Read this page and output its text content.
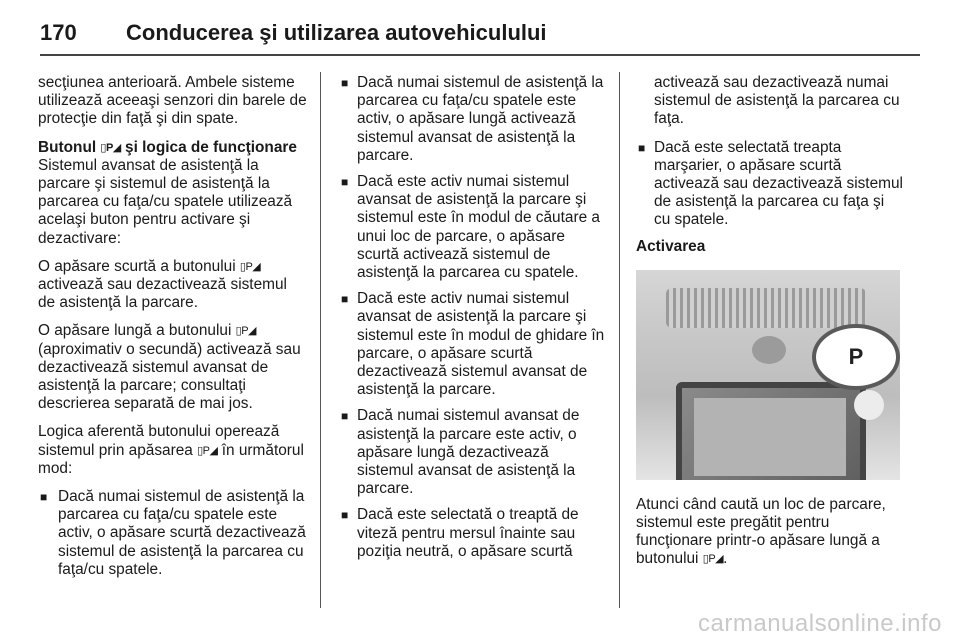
170 Conducerea şi utilizarea autovehiculului

secţiunea anterioară. Ambele sisteme utilizează aceeaşi senzori din barele de protecţie din faţă şi din spate.

Butonul ▯P◢ şi logica de funcţionare

Sistemul avansat de asistenţă la parcare şi sistemul de asistenţă la parcarea cu faţa/cu spatele utilizează acelaşi buton pentru activare şi dezactivare:

O apăsare scurtă a butonului ▯P◢ activează sau dezactivează sistemul de asistenţă la parcare.

O apăsare lungă a butonului ▯P◢ (aproximativ o secundă) activează sau dezactivează sistemul avansat de asistenţă la parcare; consultaţi descrierea separată de mai jos.

Logica aferentă butonului operează sistemul prin apăsarea ▯P◢ în următorul mod:

■ Dacă numai sistemul de asistenţă la parcarea cu faţa/cu spatele este activ, o apăsare scurtă dezactivează sistemul de asistenţă la parcarea cu faţa/cu spatele.
■ Dacă numai sistemul de asistenţă la parcarea cu faţa/cu spatele este activ, o apăsare lungă activează sistemul avansat de asistenţă la parcare.
■ Dacă este activ numai sistemul avansat de asistenţă la parcare şi sistemul este în modul de căutare a unui loc de parcare, o apăsare scurtă activează sistemul de asistenţă la parcarea cu spatele.
■ Dacă este activ numai sistemul avansat de asistenţă la parcare şi sistemul este în modul de ghidare în parcare, o apăsare scurtă dezactivează sistemul avansat de asistenţă la parcare.
■ Dacă numai sistemul avansat de asistenţă la parcare este activ, o apăsare lungă dezactivează sistemul avansat de asistenţă la parcare.
■ Dacă este selectată o treaptă de viteză pentru mersul înainte sau poziţia neutră, o apăsare scurtă

activează sau dezactivează numai sistemul de asistenţă la parcarea cu faţa.

■ Dacă este selectată treapta marşarier, o apăsare scurtă activează sau dezactivează sistemul de asistenţă la parcarea cu faţa şi cu spatele.

Activarea

P

Atunci când caută un loc de parcare, sistemul este pregătit pentru funcţionare printr-o apăsare lungă a butonului ▯P◢.

carmanualsonline.info
